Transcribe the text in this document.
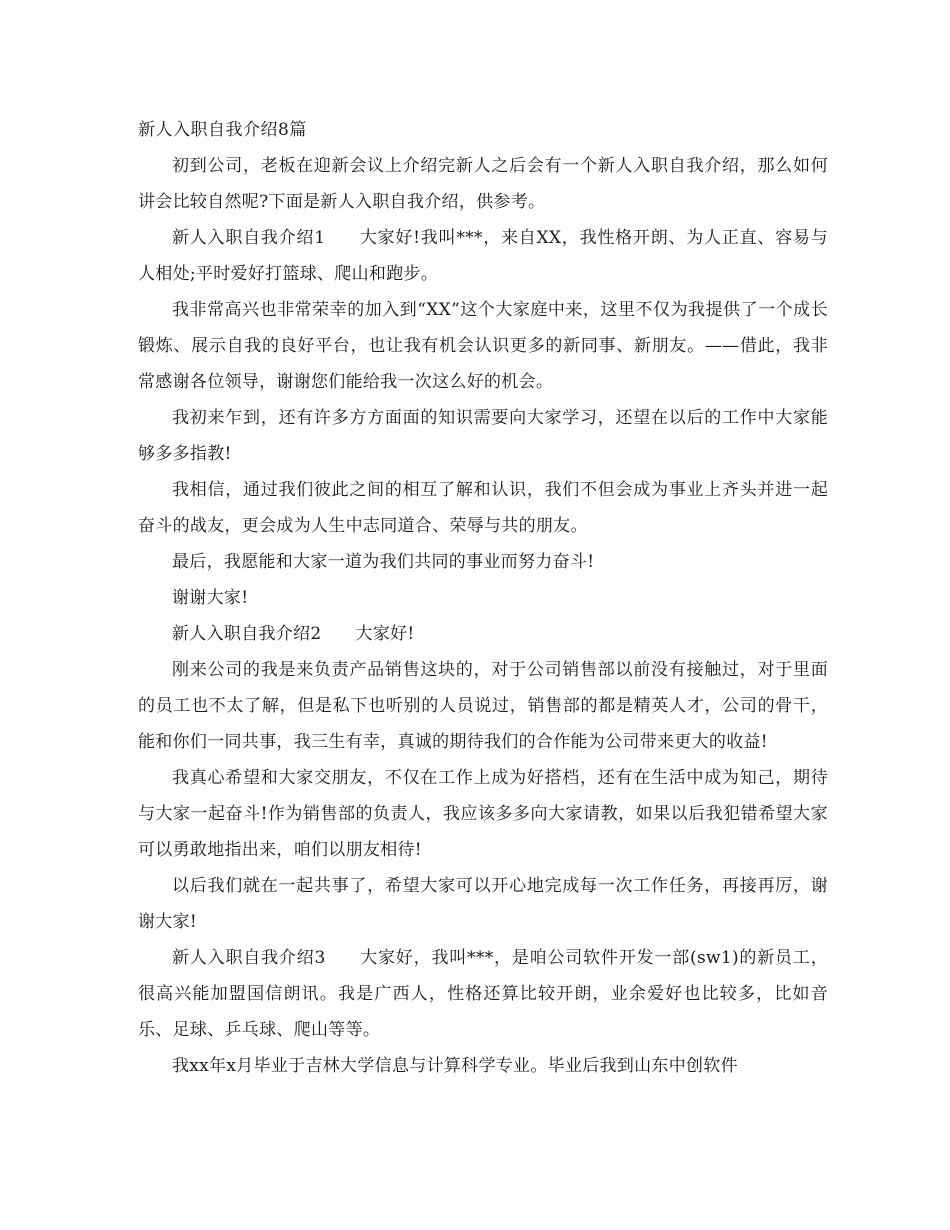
新人入职自我介绍8篇

初到公司，老板在迎新会议上介绍完新人之后会有一个新人入职自我介绍，那么如何讲会比较自然呢?下面是新人入职自我介绍，供参考。

新人入职自我介绍1 大家好!我叫***，来自XX，我性格开朗、为人正直、容易与人相处;平时爱好打篮球、爬山和跑步。

我非常高兴也非常荣幸的加入到“XX”这个大家庭中来，这里不仅为我提供了一个成长锻炼、展示自我的良好平台，也让我有机会认识更多的新同事、新朋友。——借此，我非常感谢各位领导，谢谢您们能给我一次这么好的机会。

我初来乍到，还有许多方方面面的知识需要向大家学习，还望在以后的工作中大家能够多多指教!

我相信，通过我们彼此之间的相互了解和认识，我们不但会成为事业上齐头并进一起奋斗的战友，更会成为人生中志同道合、荣辱与共的朋友。

最后，我愿能和大家一道为我们共同的事业而努力奋斗!

谢谢大家!

新人入职自我介绍2 大家好!

刚来公司的我是来负责产品销售这块的，对于公司销售部以前没有接触过，对于里面的员工也不太了解，但是私下也听别的人员说过，销售部的都是精英人才，公司的骨干，能和你们一同共事，我三生有幸，真诚的期待我们的合作能为公司带来更大的收益!

我真心希望和大家交朋友，不仅在工作上成为好搭档，还有在生活中成为知己，期待与大家一起奋斗!作为销售部的负责人，我应该多多向大家请教，如果以后我犯错希望大家可以勇敢地指出来，咱们以朋友相待!

以后我们就在一起共事了，希望大家可以开心地完成每一次工作任务，再接再厉，谢谢大家!

新人入职自我介绍3 大家好，我叫***，是咱公司软件开发一部(sw1)的新员工，很高兴能加盟国信朗讯。我是广西人，性格还算比较开朗，业余爱好也比较多，比如音乐、足球、乒乓球、爬山等等。

我xx年x月毕业于吉林大学信息与计算科学专业。毕业后我到山东中创软件
